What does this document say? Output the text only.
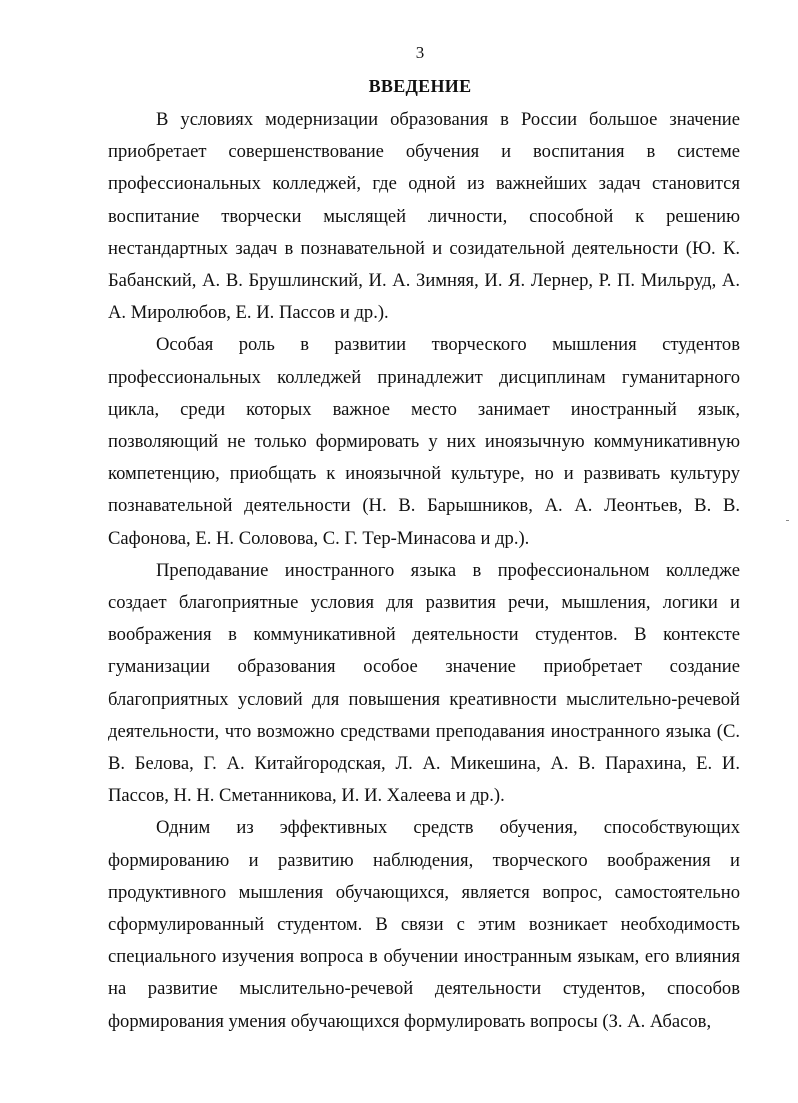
3
ВВЕДЕНИЕ

В условиях модернизации образования в России большое значение приобретает совершенствование обучения и воспитания в системе профессиональных колледжей, где одной из важнейших задач становится воспитание творчески мыслящей личности, способной к решению нестандартных задач в познавательной и созидательной деятельности (Ю. К. Бабанский, А. В. Брушлинский, И. А. Зимняя, И. Я. Лернер, Р. П. Мильруд, А. А. Миролюбов, Е. И. Пассов и др.).

Особая роль в развитии творческого мышления студентов профессиональных колледжей принадлежит дисциплинам гуманитарного цикла, среди которых важное место занимает иностранный язык, позволяющий не только формировать у них иноязычную коммуникативную компетенцию, приобщать к иноязычной культуре, но и развивать культуру познавательной деятельности (Н. В. Барышников, А. А. Леонтьев, В. В. Сафонова, Е. Н. Соловова, С. Г. Тер-Минасова и др.).

Преподавание иностранного языка в профессиональном колледже создает благоприятные условия для развития речи, мышления, логики и воображения в коммуникативной деятельности студентов. В контексте гуманизации образования особое значение приобретает создание благоприятных условий для повышения креативности мыслительно-речевой деятельности, что возможно средствами преподавания иностранного языка (С. В. Белова, Г. А. Китайгородская, Л. А. Микешина, А. В. Парахина, Е. И. Пассов, Н. Н. Сметанникова, И. И. Халеева и др.).

Одним из эффективных средств обучения, способствующих формированию и развитию наблюдения, творческого воображения и продуктивного мышления обучающихся, является вопрос, самостоятельно сформулированный студентом. В связи с этим возникает необходимость специального изучения вопроса в обучении иностранным языкам, его влияния на развитие мыслительно-речевой деятельности студентов, способов формирования умения обучающихся формулировать вопросы (З. А. Абасов,
